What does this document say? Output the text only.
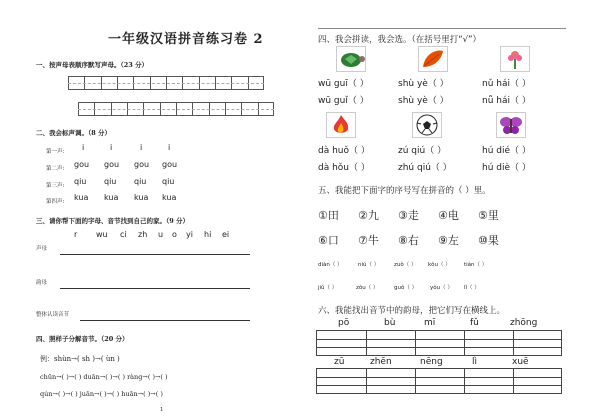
一年级汉语拼音练习卷 2
一、按声母表顺序默写声母。（23 分）
二、我会标声调。（8 分）
第一声: i	i	i	i
第二声: gou gou gou gou
第三声: qiu qiu qiu qiu
第四声: kua kua kua kua
三、请你帮下面的字母、音节找到自己的家。（9 分）
r wu ci zh u o yi hi ei
声母
韵母
整体认读音节
四、照样子分解音节。（20 分）
例：shùn→( sh )→( ùn )
chūn→( )→( ) duān→( )→( ) ràng→( )→( )
qún→( )→( ) juān→( )→( ) huān→( )→( )
1
四、我会拼读，我会选。（在括号里打“√”）
wū guī（ ）	shù yè（ ）	nǔ hái（ ）
wū guǐ（ ）	shù yè（ ）	nǚ hái（ ）
dà huǒ（ ）	zú qiú（ ）	hú dié（ ）
dà hǒu（ ）	zhú qiú（ ）	hú diè（ ）
五、我能把下面字的序号写在拼音的（ ）里。
①田 ②九 ③走 ④电 ⑤里
⑥口 ⑦牛 ⑧右 ⑨左 ⑩果
diàn（ ）	niú（ ）	zuǒ（ ） kǒu（ ） tián（ ）
jiǔ（ ）	zǒu（ ）	guǒ（ ） yòu（ ） lǐ（ ）
六、我能找出音节中的韵母，把它们写在横线上。
pō	bù	mī	fǔ	zhōng
zū	zhēn	nēng	lì	xuē
